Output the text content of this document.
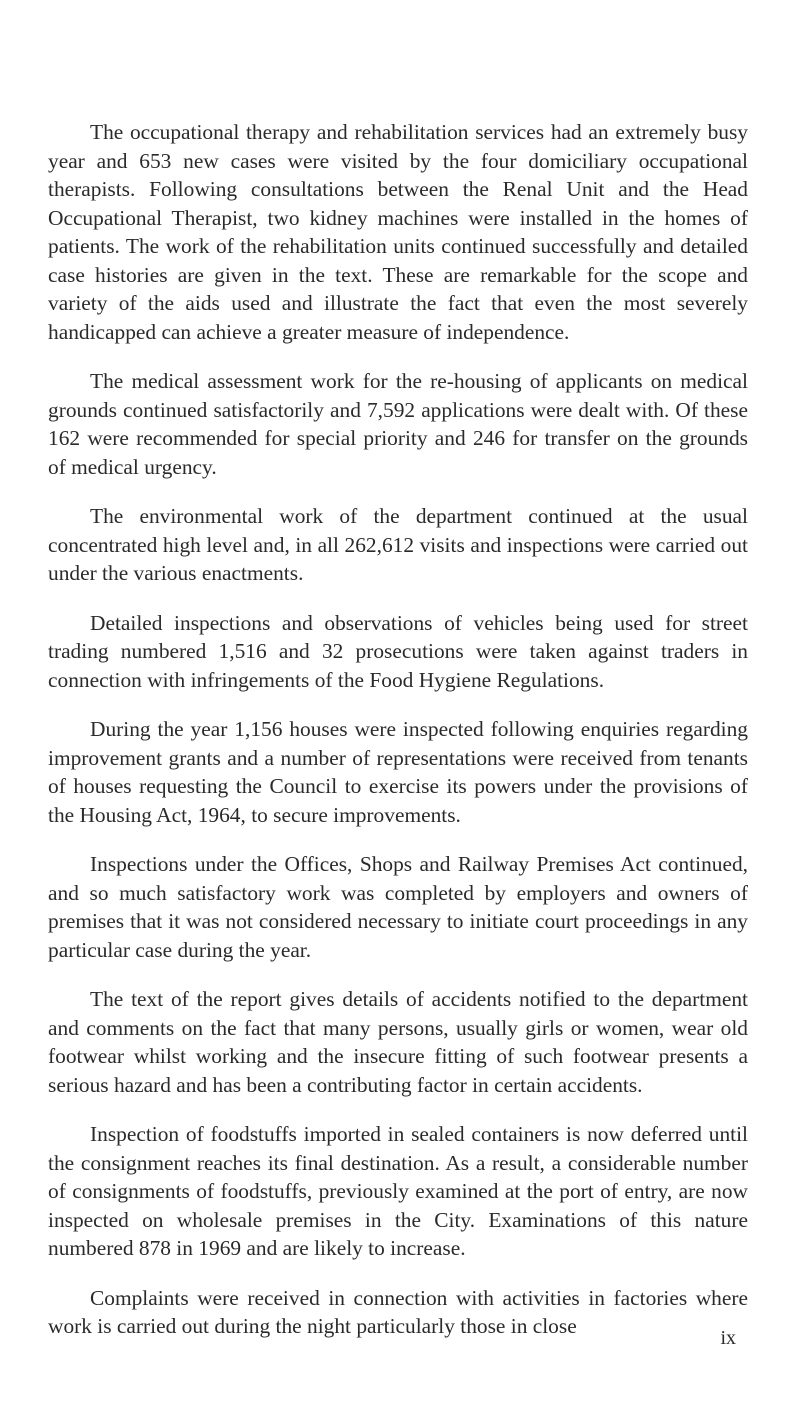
The occupational therapy and rehabilitation services had an extremely busy year and 653 new cases were visited by the four domiciliary occupational therapists. Following consultations between the Renal Unit and the Head Occupational Therapist, two kidney machines were installed in the homes of patients. The work of the rehabilitation units continued successfully and detailed case histories are given in the text. These are remarkable for the scope and variety of the aids used and illustrate the fact that even the most severely handicapped can achieve a greater measure of independence.

The medical assessment work for the re-housing of applicants on medical grounds continued satisfactorily and 7,592 applications were dealt with. Of these 162 were recommended for special priority and 246 for transfer on the grounds of medical urgency.

The environmental work of the department continued at the usual concentrated high level and, in all 262,612 visits and inspections were carried out under the various enactments.

Detailed inspections and observations of vehicles being used for street trading numbered 1,516 and 32 prosecutions were taken against traders in connection with infringements of the Food Hygiene Regulations.

During the year 1,156 houses were inspected following enquiries regarding improvement grants and a number of representations were received from tenants of houses requesting the Council to exercise its powers under the provisions of the Housing Act, 1964, to secure improvements.

Inspections under the Offices, Shops and Railway Premises Act continued, and so much satisfactory work was completed by employers and owners of premises that it was not considered necessary to initiate court proceedings in any particular case during the year.

The text of the report gives details of accidents notified to the department and comments on the fact that many persons, usually girls or women, wear old footwear whilst working and the insecure fitting of such footwear presents a serious hazard and has been a contributing factor in certain accidents.

Inspection of foodstuffs imported in sealed containers is now deferred until the consignment reaches its final destination. As a result, a considerable number of consignments of foodstuffs, previously examined at the port of entry, are now inspected on wholesale premises in the City. Examinations of this nature numbered 878 in 1969 and are likely to increase.

Complaints were received in connection with activities in factories where work is carried out during the night particularly those in close	ix
